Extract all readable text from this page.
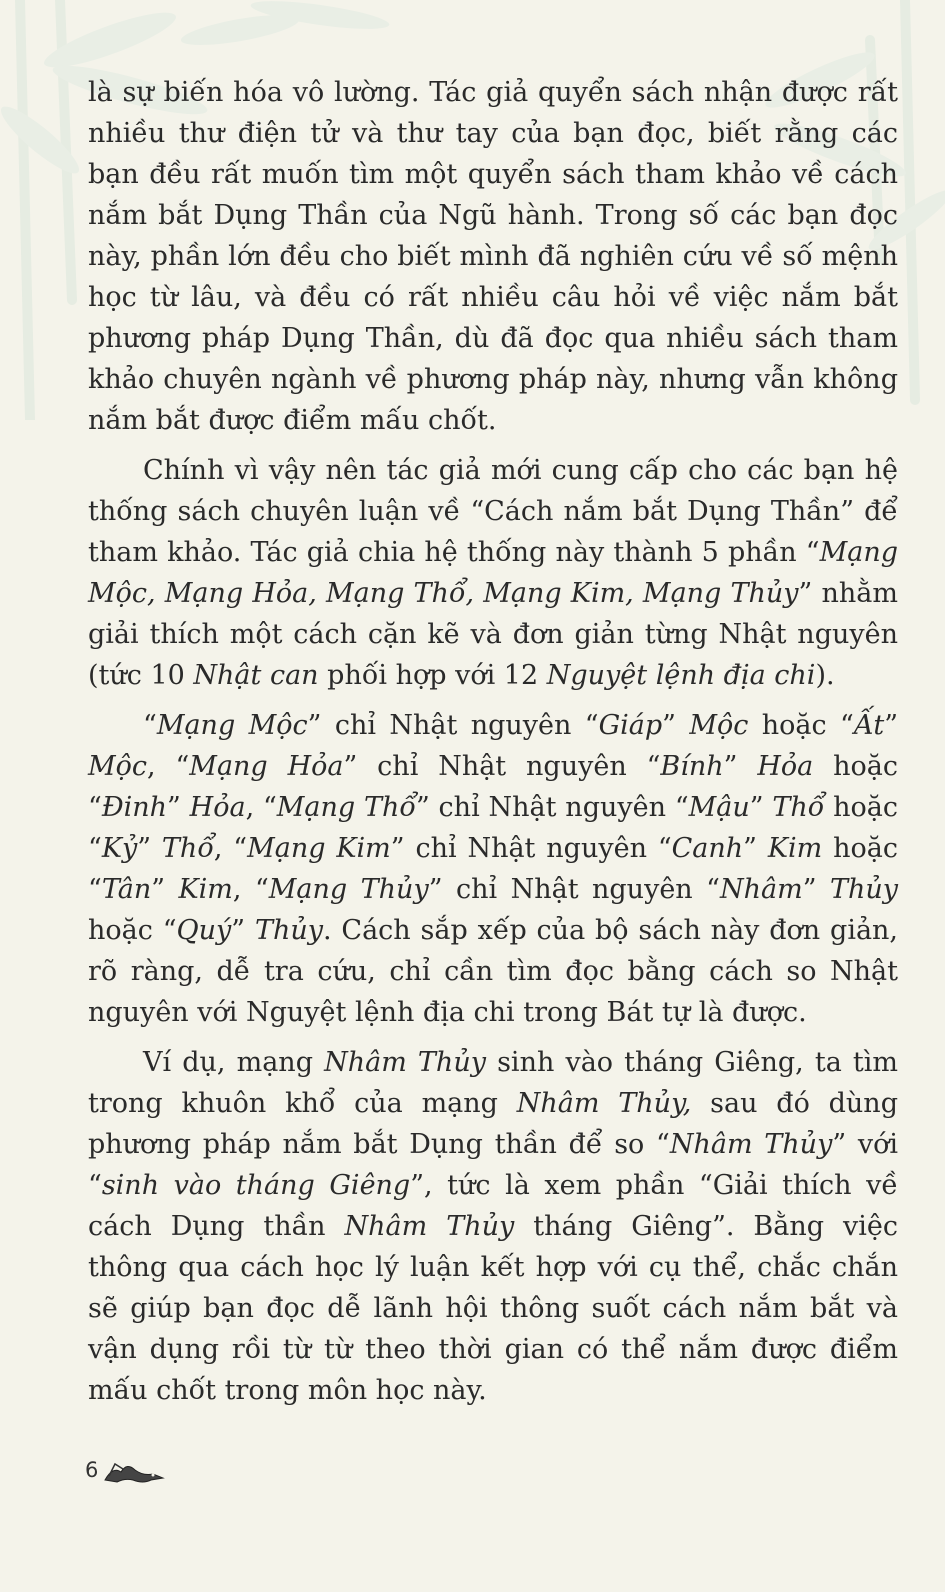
là sự biến hóa vô lường. Tác giả quyển sách nhận được rất nhiều thư điện tử và thư tay của bạn đọc, biết rằng các bạn đều rất muốn tìm một quyển sách tham khảo về cách nắm bắt Dụng Thần của Ngũ hành. Trong số các bạn đọc này, phần lớn đều cho biết mình đã nghiên cứu về số mệnh học từ lâu, và đều có rất nhiều câu hỏi về việc nắm bắt phương pháp Dụng Thần, dù đã đọc qua nhiều sách tham khảo chuyên ngành về phương pháp này, nhưng vẫn không nắm bắt được điểm mấu chốt.

Chính vì vậy nên tác giả mới cung cấp cho các bạn hệ thống sách chuyên luận về “Cách nắm bắt Dụng Thần” để tham khảo. Tác giả chia hệ thống này thành 5 phần “Mạng Mộc, Mạng Hỏa, Mạng Thổ, Mạng Kim, Mạng Thủy” nhằm giải thích một cách cặn kẽ và đơn giản từng Nhật nguyên (tức 10 Nhật can phối hợp với 12 Nguyệt lệnh địa chi).

“Mạng Mộc” chỉ Nhật nguyên “Giáp” Mộc hoặc “Ất” Mộc, “Mạng Hỏa” chỉ Nhật nguyên “Bính” Hỏa hoặc “Đinh” Hỏa, “Mạng Thổ” chỉ Nhật nguyên “Mậu” Thổ hoặc “Kỷ” Thổ, “Mạng Kim” chỉ Nhật nguyên “Canh” Kim hoặc “Tân” Kim, “Mạng Thủy” chỉ Nhật nguyên “Nhâm” Thủy hoặc “Quý” Thủy. Cách sắp xếp của bộ sách này đơn giản, rõ ràng, dễ tra cứu, chỉ cần tìm đọc bằng cách so Nhật nguyên với Nguyệt lệnh địa chi trong Bát tự là được.

Ví dụ, mạng Nhâm Thủy sinh vào tháng Giêng, ta tìm trong khuôn khổ của mạng Nhâm Thủy, sau đó dùng phương pháp nắm bắt Dụng thần để so “Nhâm Thủy” với “sinh vào tháng Giêng”, tức là xem phần “Giải thích về cách Dụng thần Nhâm Thủy tháng Giêng”. Bằng việc thông qua cách học lý luận kết hợp với cụ thể, chắc chắn sẽ giúp bạn đọc dễ lãnh hội thông suốt cách nắm bắt và vận dụng rồi từ từ theo thời gian có thể nắm được điểm mấu chốt trong môn học này.

6
